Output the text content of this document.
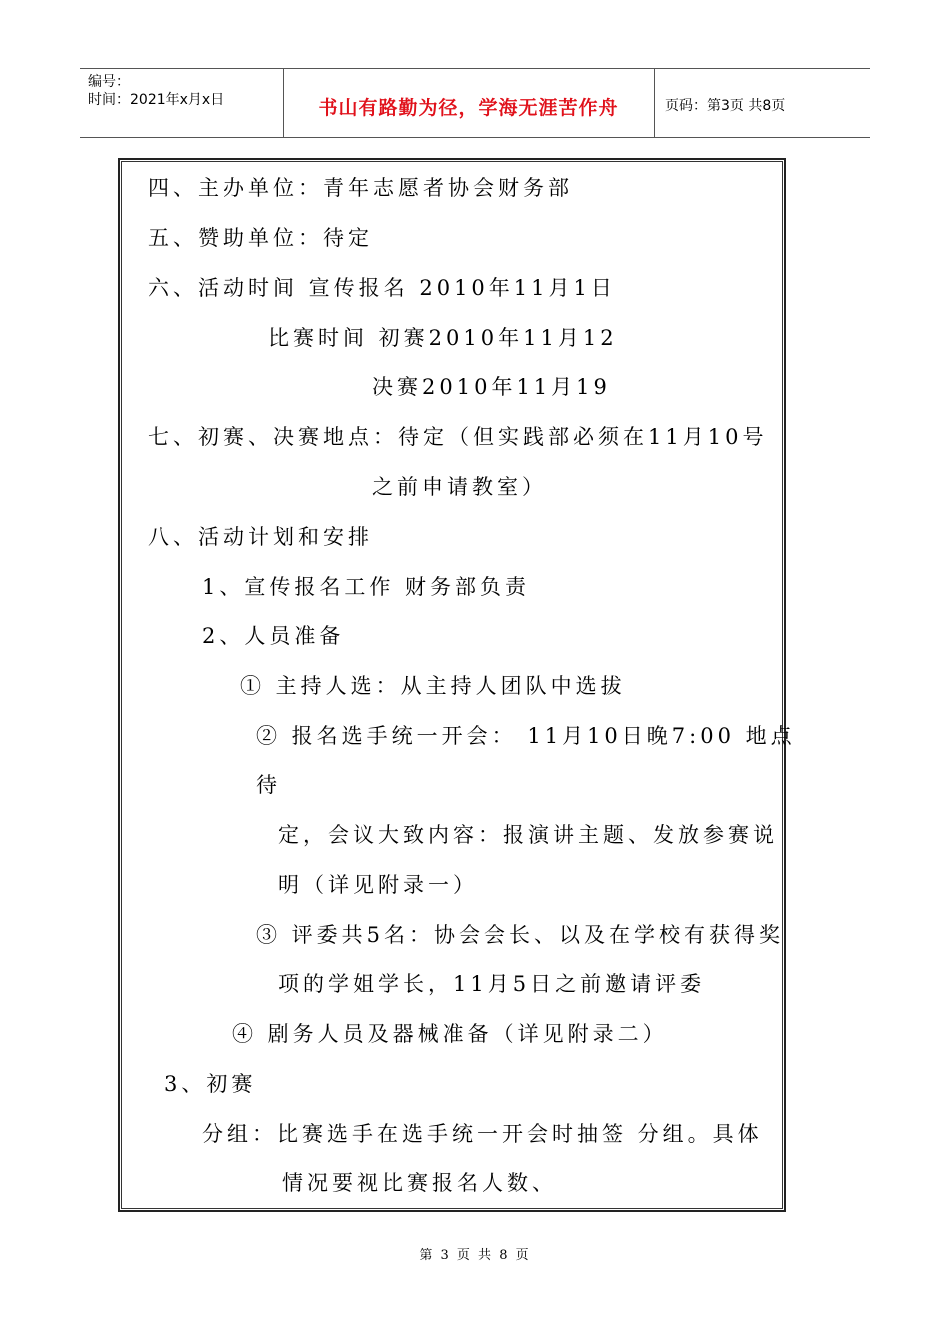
编号：
时间：2021年x月x日	书山有路勤为径，学海无涯苦作舟	页码：第3页 共8页
四、主办单位：青年志愿者协会财务部
五、赞助单位：待定
六、活动时间 宣传报名 2010年11月1日
比赛时间 初赛2010年11月12
决赛2010年11月19
七、初赛、决赛地点：待定（但实践部必须在11月10号
之前申请教室）
八、活动计划和安排
1、宣传报名工作 财务部负责
2、人员准备
① 主持人选：从主持人团队中选拔
② 报名选手统一开会： 11月10日晚7:00 地点
待
定，会议大致内容：报演讲主题、发放参赛说
明（详见附录一）
③ 评委共5名：协会会长、以及在学校有获得奖
项的学姐学长，11月5日之前邀请评委
④ 剧务人员及器械准备（详见附录二）
3、初赛
分组：比赛选手在选手统一开会时抽签 分组。具体
情况要视比赛报名人数、
第 3 页 共 8 页
